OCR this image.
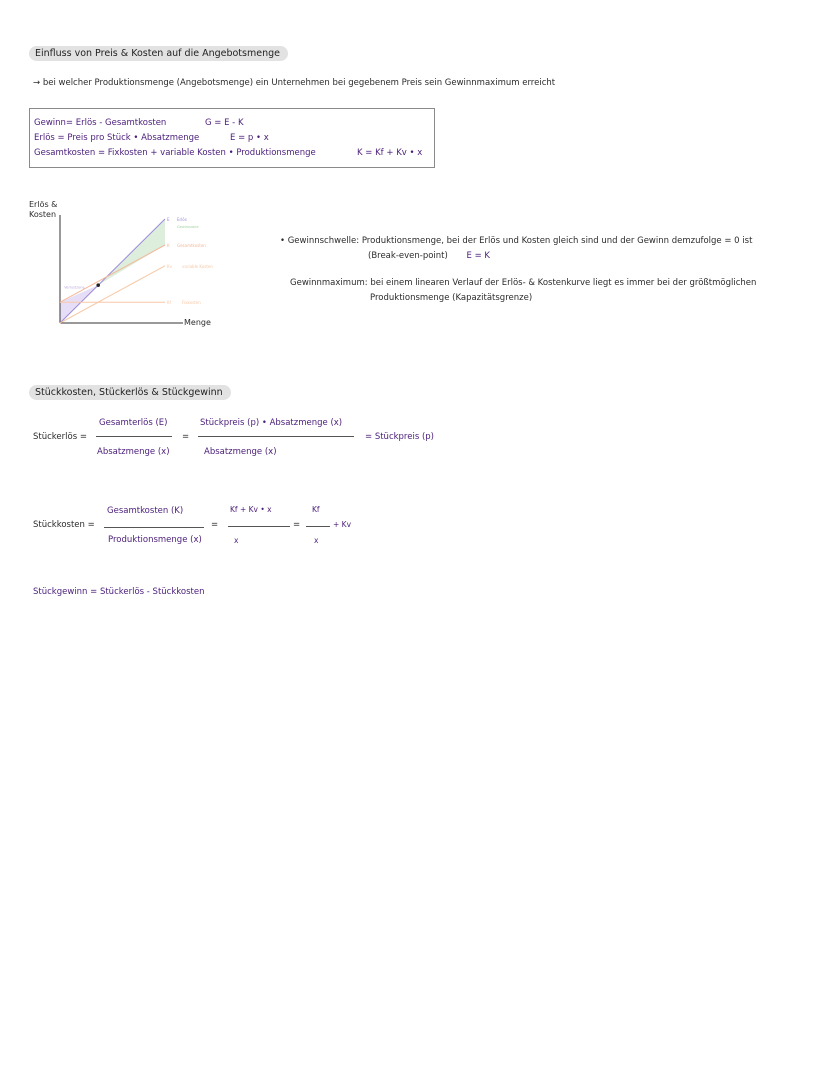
Einfluss von Preis & Kosten auf die Angebotsmenge
→ bei welcher Produktionsmenge (Angebotsmenge) ein Unternehmen bei gegebenem Preis sein Gewinnmaximum erreicht
Gewinn= Erlös - Gesamtkosten	G = E - K
Erlös = Preis pro Stück • Absatzmenge	E = p • x
Gesamtkosten = Fixkosten + variable Kosten • Produktionsmenge	K = Kf + Kv • x
Erlös &
Kosten
Menge
Verlustzone
E Erlös
K Gesamtkosten
Kv	variable Kosten
Kf	Fixkosten
Gewinnzone
• Gewinnschwelle: Produktionsmenge, bei der Erlös und Kosten gleich sind und der Gewinn demzufolge = 0 ist
(Break-even-point) E = K
Gewinnmaximum: bei einem linearen Verlauf der Erlös- & Kostenkurve liegt es immer bei der größtmöglichen
Produktionsmenge (Kapazitätsgrenze)
Stückkosten, Stückerlös & Stückgewinn
Stückerlös =
Gesamterlös (E)
Absatzmenge (x)
=
Stückpreis (p) • Absatzmenge (x)
Absatzmenge (x)
= Stückpreis (p)
Stückkosten =
Gesamtkosten (K)
Produktionsmenge (x)
=
Kf + Kv • x
x
=
Kf
x
+ Kv
Stückgewinn = Stückerlös - Stückkosten
